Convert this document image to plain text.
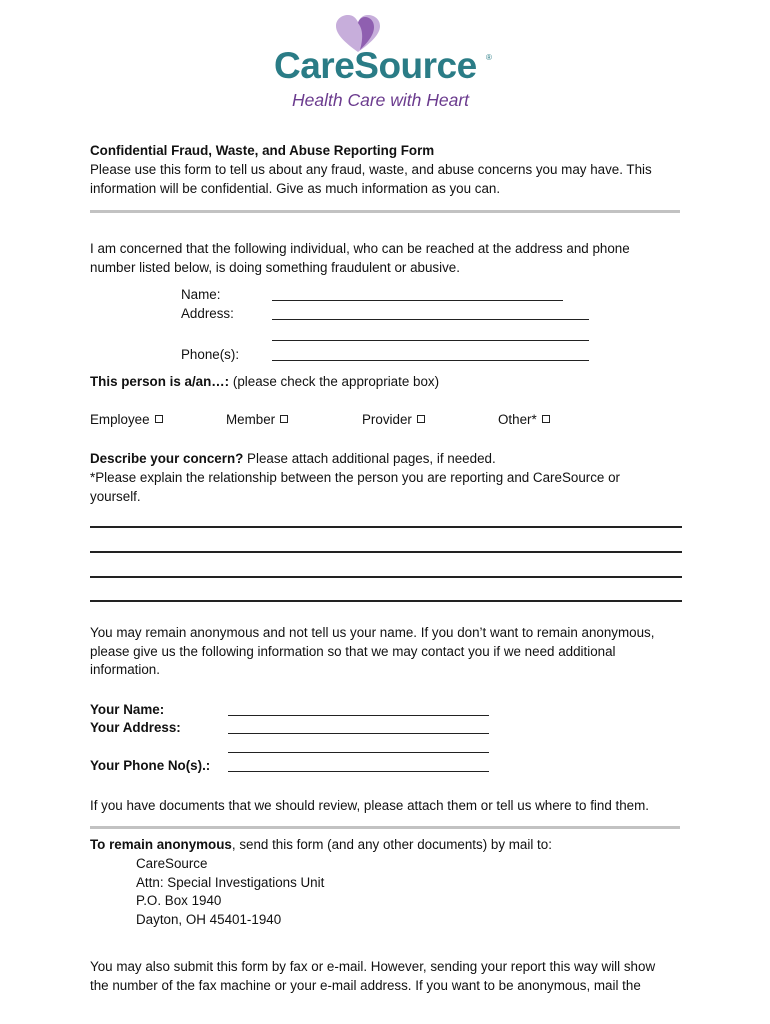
CareSource ®
Health Care with Heart
Confidential Fraud, Waste, and Abuse Reporting Form
Please use this form to tell us about any fraud, waste, and abuse concerns you may have. This
information will be confidential. Give as much information as you can.
I am concerned that the following individual, who can be reached at the address and phone
number listed below, is doing something fraudulent or abusive.
Name:
Address:
Phone(s):
This person is a/an…: (please check the appropriate box)
Employee	Member	Provider	Other*
Describe your concern? Please attach additional pages, if needed.
*Please explain the relationship between the person you are reporting and CareSource or
yourself.
You may remain anonymous and not tell us your name. If you don’t want to remain anonymous,
please give us the following information so that we may contact you if we need additional
information.
Your Name:
Your Address:
Your Phone No(s).:
If you have documents that we should review, please attach them or tell us where to find them.
To remain anonymous, send this form (and any other documents) by mail to:
CareSource
Attn: Special Investigations Unit
P.O. Box 1940
Dayton, OH 45401-1940
You may also submit this form by fax or e-mail. However, sending your report this way will show
the number of the fax machine or your e-mail address. If you want to be anonymous, mail the
